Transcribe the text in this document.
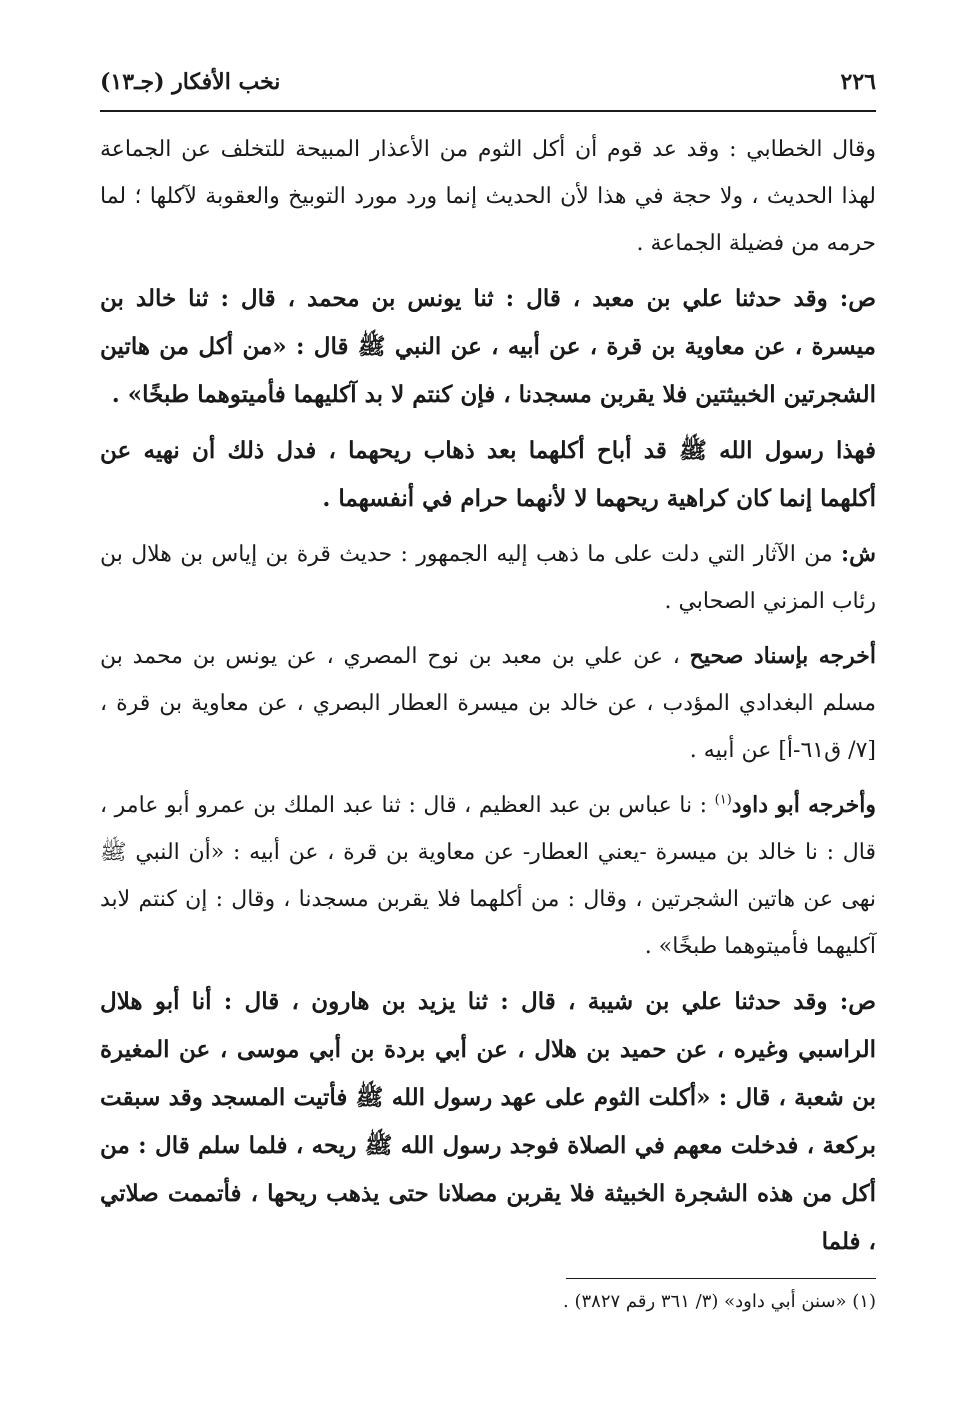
٢٢٦
نخب الأفكار (جـ١٣)

وقال الخطابي : وقد عد قوم أن أكل الثوم من الأعذار المبيحة للتخلف عن الجماعة لهذا الحديث ، ولا حجة في هذا لأن الحديث إنما ورد مورد التوبيخ والعقوبة لآكلها ؛ لما حرمه من فضيلة الجماعة .

ص: وقد حدثنا علي بن معبد ، قال : ثنا يونس بن محمد ، قال : ثنا خالد بن ميسرة ، عن معاوية بن قرة ، عن أبيه ، عن النبي ﷺ قال : «من أكل من هاتين الشجرتين الخبيثتين فلا يقربن مسجدنا ، فإن كنتم لا بد آكليهما فأميتوهما طبخًا» .

فهذا رسول الله ﷺ قد أباح أكلهما بعد ذهاب ريحهما ، فدل ذلك أن نهيه عن أكلهما إنما كان كراهية ريحهما لا لأنهما حرام في أنفسهما .

ش: من الآثار التي دلت على ما ذهب إليه الجمهور : حديث قرة بن إياس بن هلال بن رئاب المزني الصحابي .

أخرجه بإسناد صحيح ، عن علي بن معبد بن نوح المصري ، عن يونس بن محمد بن مسلم البغدادي المؤدب ، عن خالد بن ميسرة العطار البصري ، عن معاوية بن قرة ، [٧/ ق٦١-أ] عن أبيه .

وأخرجه أبو داود$^{(١)}$ : نا عباس بن عبد العظيم ، قال : ثنا عبد الملك بن عمرو أبو عامر ، قال : نا خالد بن ميسرة -يعني العطار- عن معاوية بن قرة ، عن أبيه : «أن النبي ﷺ نهى عن هاتين الشجرتين ، وقال : من أكلهما فلا يقربن مسجدنا ، وقال : إن كنتم لابد آكليهما فأميتوهما طبخًا» .

ص: وقد حدثنا علي بن شيبة ، قال : ثنا يزيد بن هارون ، قال : أنا أبو هلال الراسبي وغيره ، عن حميد بن هلال ، عن أبي بردة بن أبي موسى ، عن المغيرة بن شعبة ، قال : «أكلت الثوم على عهد رسول الله ﷺ فأتيت المسجد وقد سبقت بركعة ، فدخلت معهم في الصلاة فوجد رسول الله ﷺ ريحه ، فلما سلم قال : من أكل من هذه الشجرة الخبيثة فلا يقربن مصلانا حتى يذهب ريحها ، فأتممت صلاتي ، فلما

(١) «سنن أبي داود» (٣/ ٣٦١ رقم ٣٨٢٧) .
